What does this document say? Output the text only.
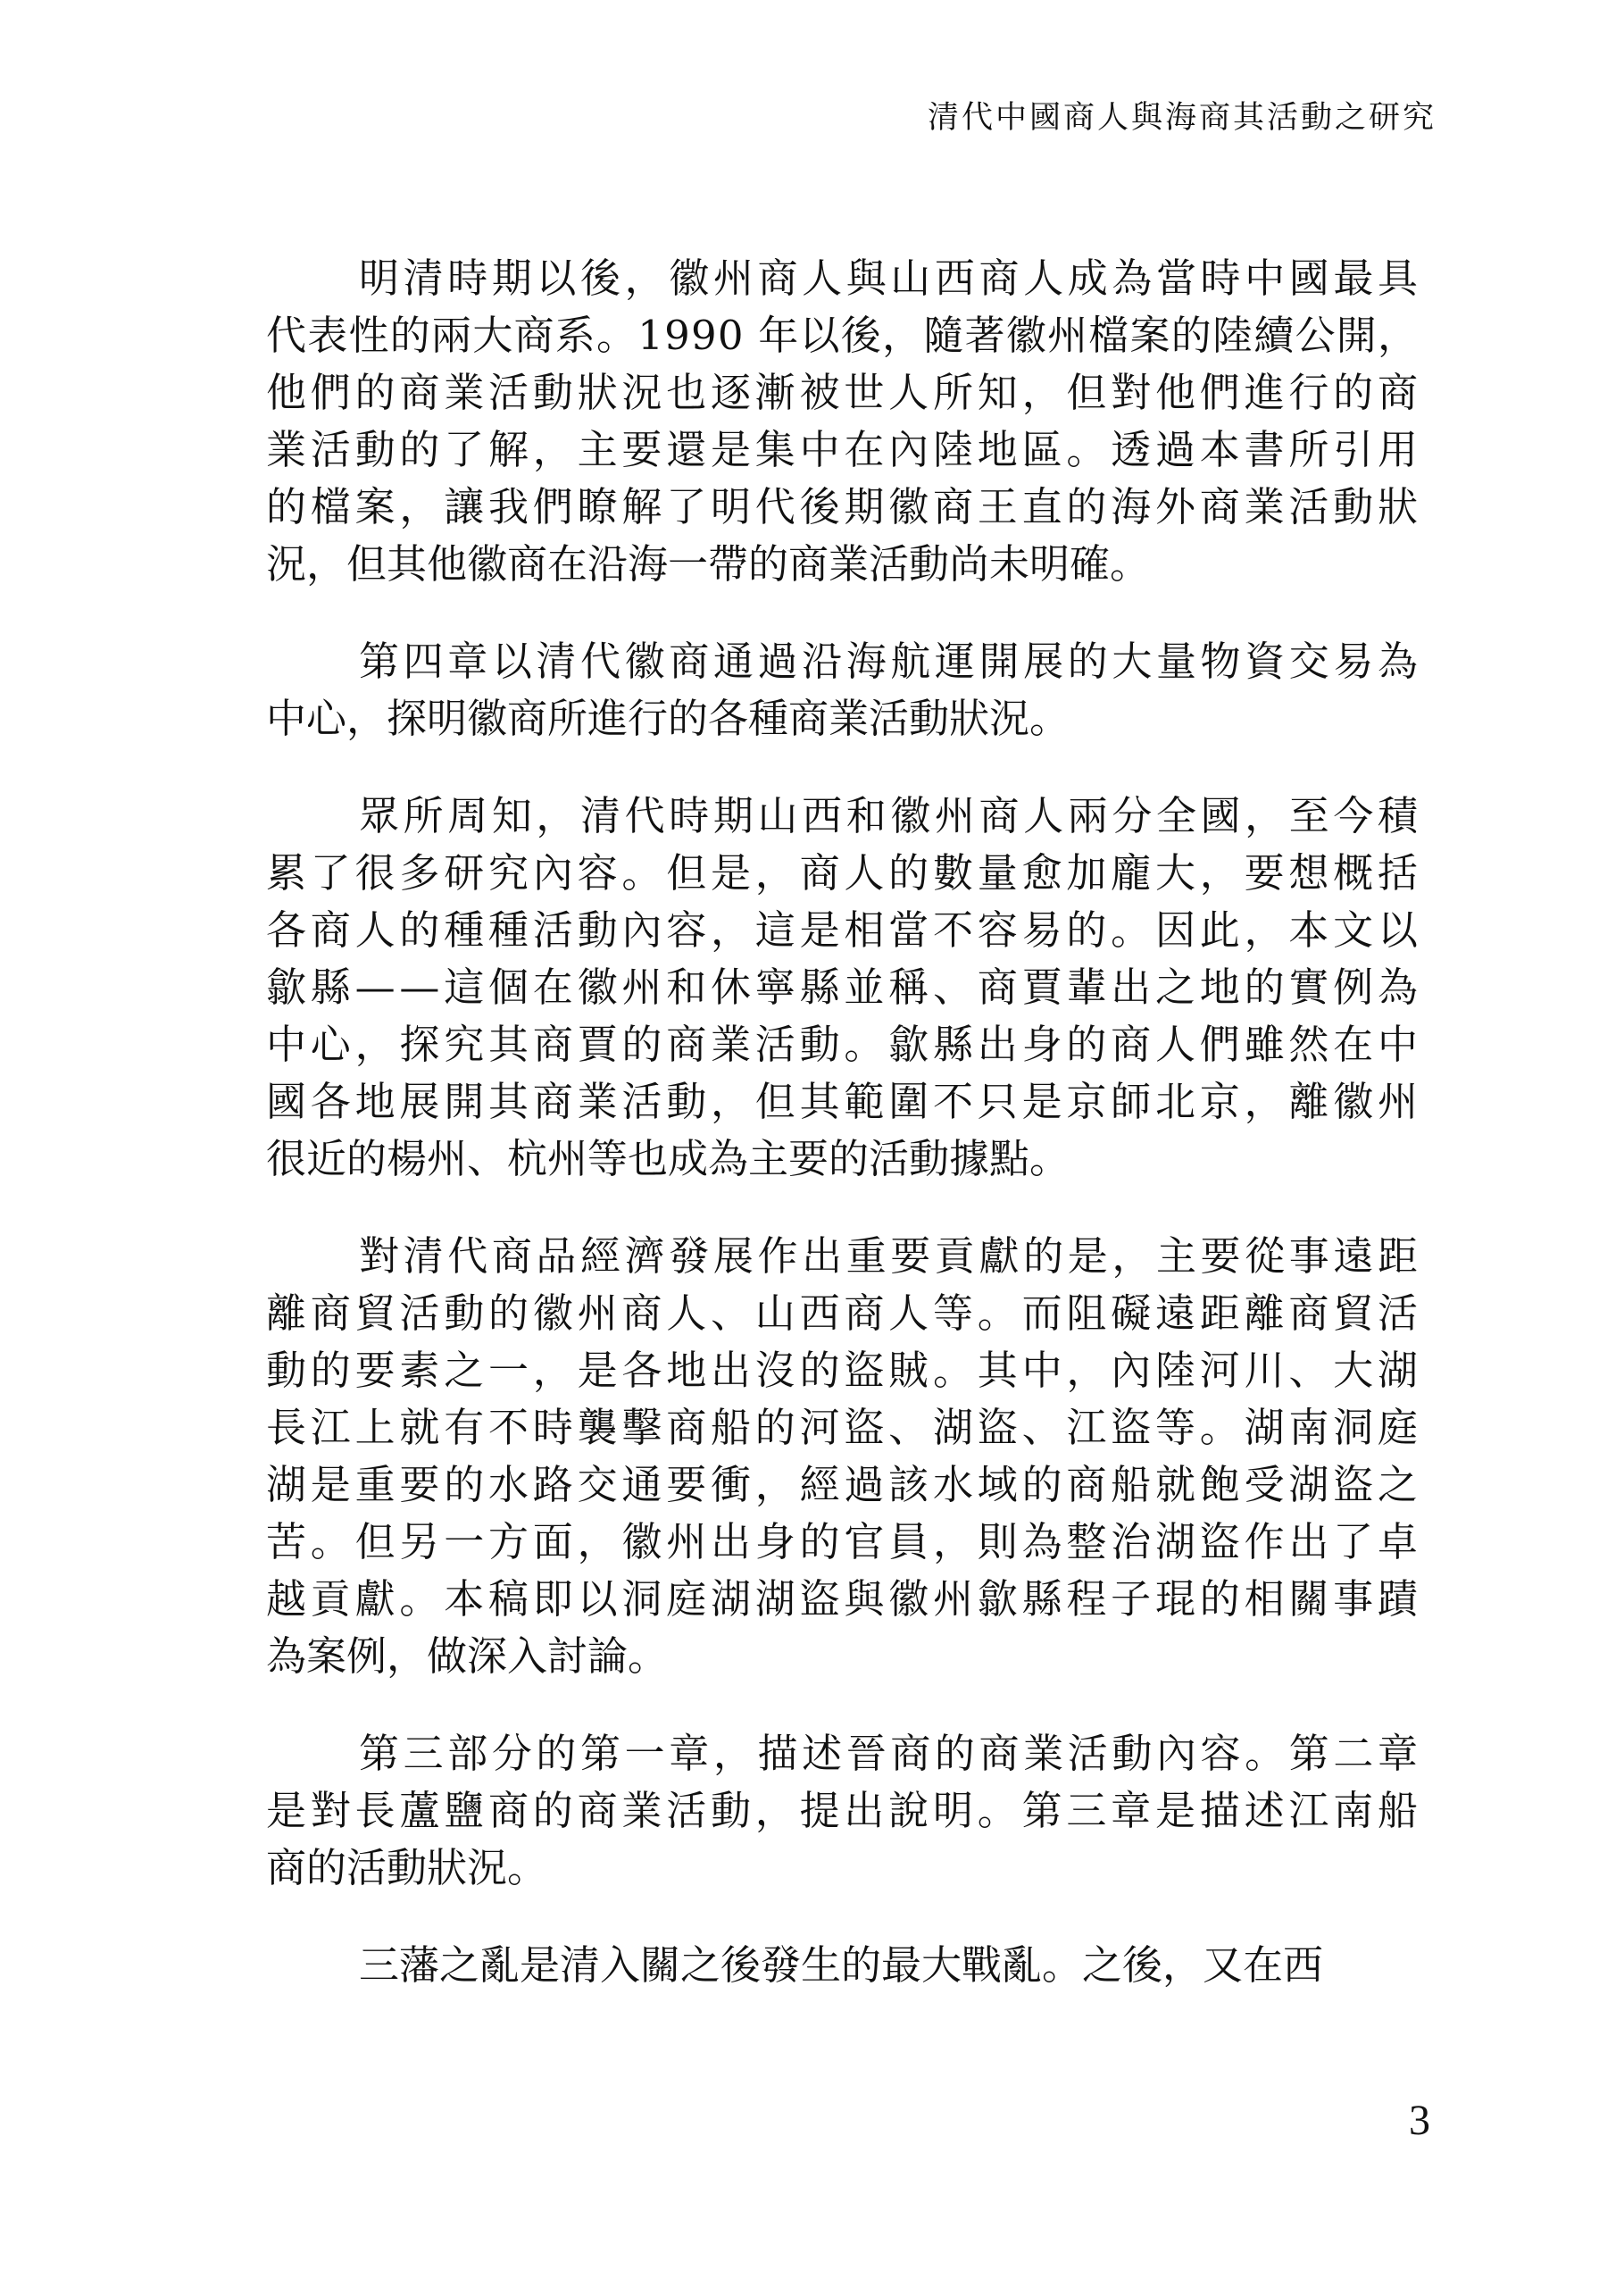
清代中國商人與海商其活動之研究
明清時期以後，徽州商人與山西商人成為當時中國最具
代表性的兩大商系。1990 年以後，隨著徽州檔案的陸續公開，
他們的商業活動狀況也逐漸被世人所知，但對他們進行的商
業活動的了解，主要還是集中在內陸地區。透過本書所引用
的檔案，讓我們瞭解了明代後期徽商王直的海外商業活動狀
況，但其他徽商在沿海一帶的商業活動尚未明確。
第四章以清代徽商通過沿海航運開展的大量物資交易為
中心，探明徽商所進行的各種商業活動狀況。
眾所周知，清代時期山西和徽州商人兩分全國，至今積
累了很多研究內容。但是，商人的數量愈加龐大，要想概括
各商人的種種活動內容，這是相當不容易的。因此，本文以
歙縣——這個在徽州和休寧縣並稱、商賈輩出之地的實例為
中心，探究其商賈的商業活動。歙縣出身的商人們雖然在中
國各地展開其商業活動，但其範圍不只是京師北京，離徽州
很近的楊州、杭州等也成為主要的活動據點。
對清代商品經濟發展作出重要貢獻的是，主要從事遠距
離商貿活動的徽州商人、山西商人等。而阻礙遠距離商貿活
動的要素之一，是各地出沒的盜賊。其中，內陸河川、大湖
長江上就有不時襲擊商船的河盜、湖盜、江盜等。湖南洞庭
湖是重要的水路交通要衝，經過該水域的商船就飽受湖盜之
苦。但另一方面，徽州出身的官員，則為整治湖盜作出了卓
越貢獻。本稿即以洞庭湖湖盜與徽州歙縣程子琨的相關事蹟
為案例，做深入討論。
第三部分的第一章，描述晉商的商業活動內容。第二章
是對長蘆鹽商的商業活動，提出說明。第三章是描述江南船
商的活動狀況。
三藩之亂是清入關之後發生的最大戰亂。之後，又在西
3
